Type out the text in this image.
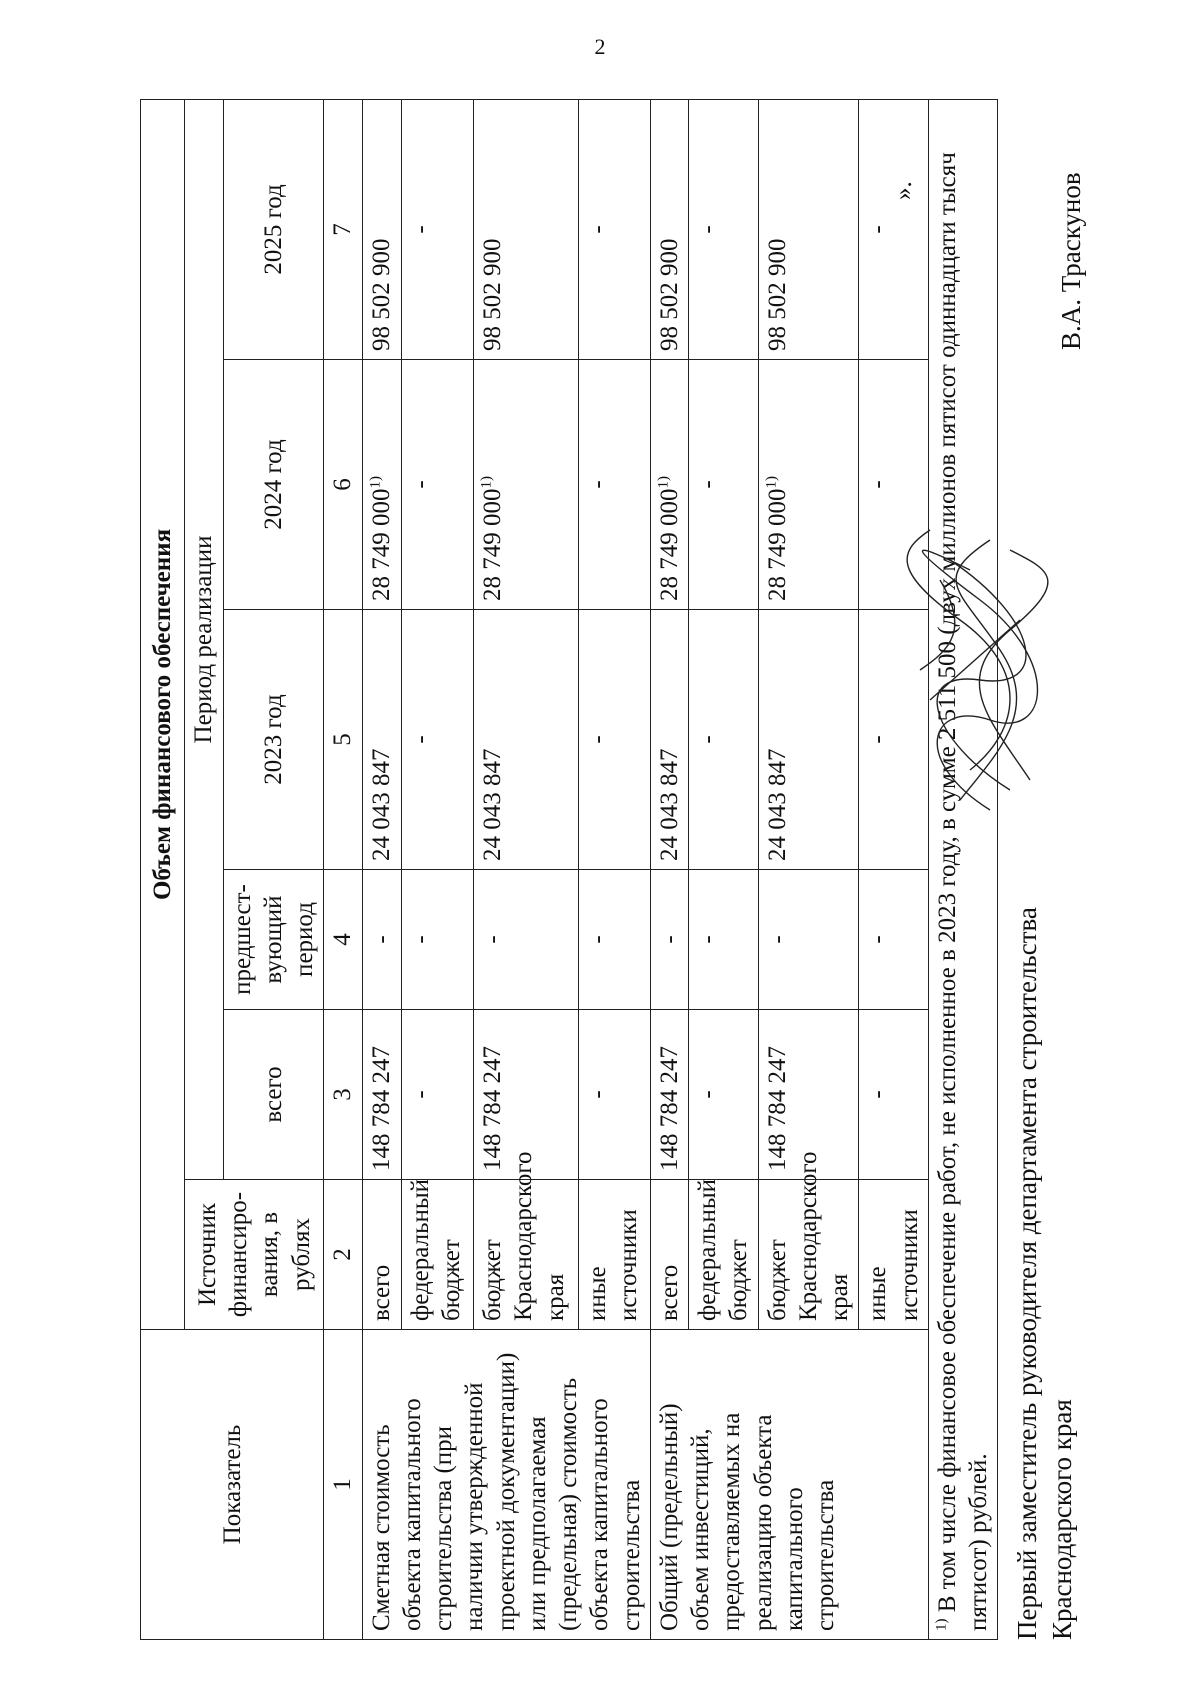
2
Показатель	Объем финансового обеспечения					
	Источник финансиро-вания, в рублях	Период реализации				
		всего	предшест-вующий период	2023 год	2024 год	2025 год
1	2	3	4	5	6	7
Сметная стоимость объекта капитального строительства (при наличии утвержденной проектной документации) или предполагаемая (предельная) стоимость объекта капитального строительства	всего	148 784 247	-	24 043 847	28 749 000$^{1)}$	98 502 900
	федеральный бюджет	-	-	-	-	-
	бюджет Краснодарского края	148 784 247	-	24 043 847	28 749 000$^{1)}$	98 502 900
	иные источники	-	-	-	-	-
Общий (предельный) объем инвестиций, предоставляемых на реализацию объекта капитального строительства	всего	148 784 247	-	24 043 847	28 749 000$^{1)}$	98 502 900
	федеральный бюджет	-	-	-	-	-
	бюджет Краснодарского края	148 784 247	-	24 043 847	28 749 000$^{1)}$	98 502 900
	иные источники	-	-	-	-	-
$^{1)}$ В том числе финансовое обеспечение работ, не исполненное в 2023 году, в сумме 2 511 500 (двух миллионов пятисот одиннадцати тысяч пятисот) рублей.						
».
Первый заместитель руководителя департамента строительства Краснодарского края
В.А. Траскунов
